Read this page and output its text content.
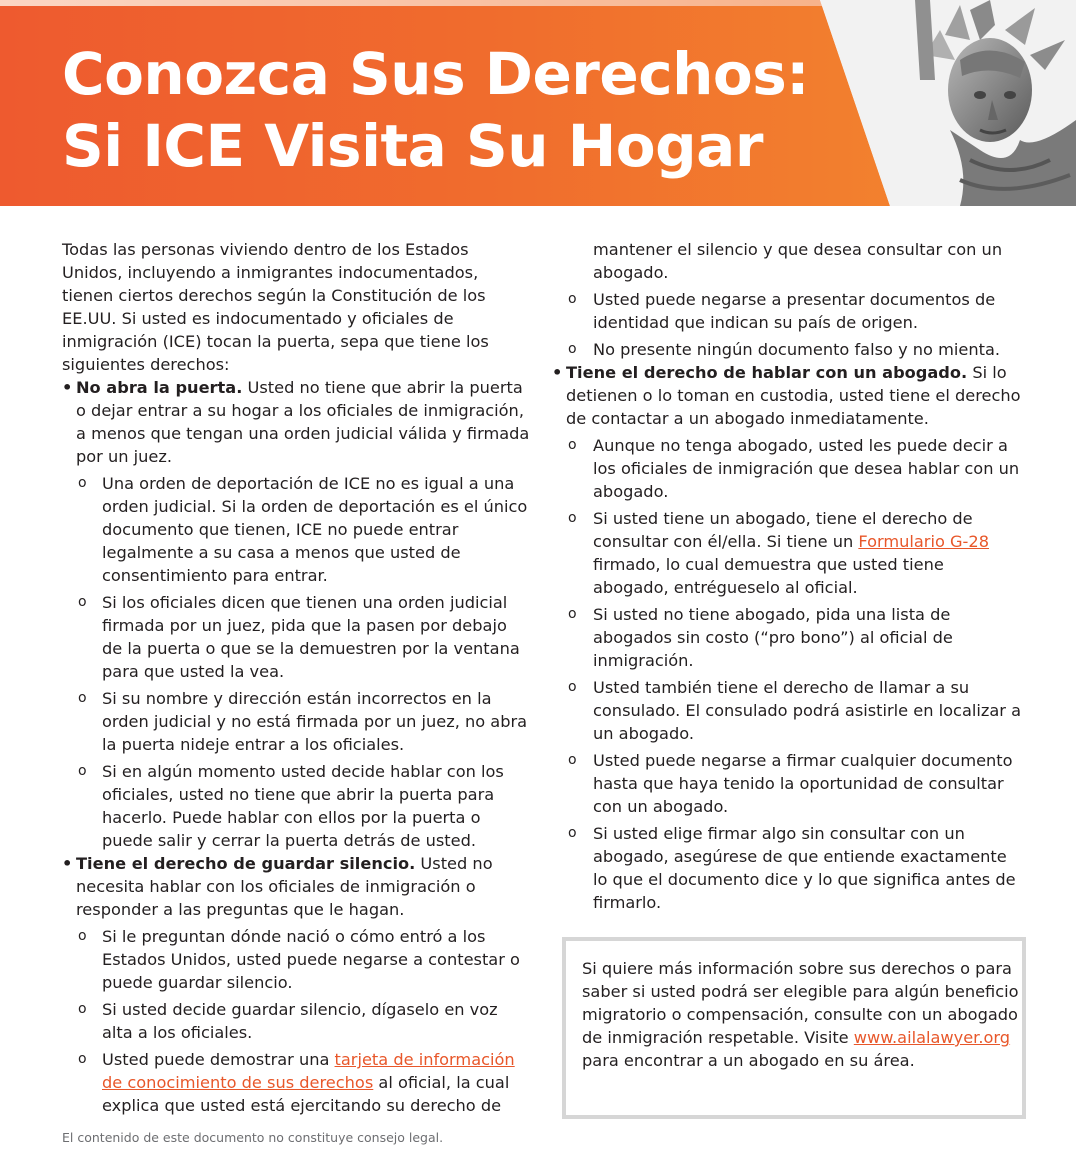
Conozca Sus Derechos:
Si ICE Visita Su Hogar

Todas las personas viviendo dentro de los Estados Unidos, incluyendo a inmigrantes indocumentados, tienen ciertos derechos según la Constitución de los EE.UU. Si usted es indocumentado y oficiales de inmigración (ICE) tocan la puerta, sepa que tiene los siguientes derechos:

• No abra la puerta. Usted no tiene que abrir la puerta o dejar entrar a su hogar a los oficiales de inmigración, a menos que tengan una orden judicial válida y firmada por un juez.
o Una orden de deportación de ICE no es igual a una orden judicial. Si la orden de deportación es el único documento que tienen, ICE no puede entrar legalmente a su casa a menos que usted de consentimiento para entrar.
o Si los oficiales dicen que tienen una orden judicial firmada por un juez, pida que la pasen por debajo de la puerta o que se la demuestren por la ventana para que usted la vea.
o Si su nombre y dirección están incorrectos en la orden judicial y no está firmada por un juez, no abra la puerta nideje entrar a los oficiales.
o Si en algún momento usted decide hablar con los oficiales, usted no tiene que abrir la puerta para hacerlo. Puede hablar con ellos por la puerta o puede salir y cerrar la puerta detrás de usted.
• Tiene el derecho de guardar silencio. Usted no necesita hablar con los oficiales de inmigración o responder a las preguntas que le hagan.
o Si le preguntan dónde nació o cómo entró a los Estados Unidos, usted puede negarse a contestar o puede guardar silencio.
o Si usted decide guardar silencio, dígaselo en voz alta a los oficiales.
o Usted puede demostrar una tarjeta de información de conocimiento de sus derechos al oficial, la cual explica que usted está ejercitando su derecho de

mantener el silencio y que desea consultar con un abogado.

o Usted puede negarse a presentar documentos de identidad que indican su país de origen.
o No presente ningún documento falso y no mienta.
• Tiene el derecho de hablar con un abogado. Si lo detienen o lo toman en custodia, usted tiene el derecho de contactar a un abogado inmediatamente.
o Aunque no tenga abogado, usted les puede decir a los oficiales de inmigración que desea hablar con un abogado.
o Si usted tiene un abogado, tiene el derecho de consultar con él/ella. Si tiene un Formulario G-28 firmado, lo cual demuestra que usted tiene abogado, entrégueselo al oficial.
o Si usted no tiene abogado, pida una lista de abogados sin costo (“pro bono”) al oficial de inmigración.
o Usted también tiene el derecho de llamar a su consulado. El consulado podrá asistirle en localizar a un abogado.
o Usted puede negarse a firmar cualquier documento hasta que haya tenido la oportunidad de consultar con un abogado.
o Si usted elige firmar algo sin consultar con un abogado, asegúrese de que entiende exactamente lo que el documento dice y lo que significa antes de firmarlo.
Si quiere más información sobre sus derechos o para saber si usted podrá ser elegible para algún beneficio migratorio o compensación, consulte con un abogado de inmigración respetable. Visite www.ailalawyer.org para encontrar a un abogado en su área.
El contenido de este documento no constituye consejo legal.
